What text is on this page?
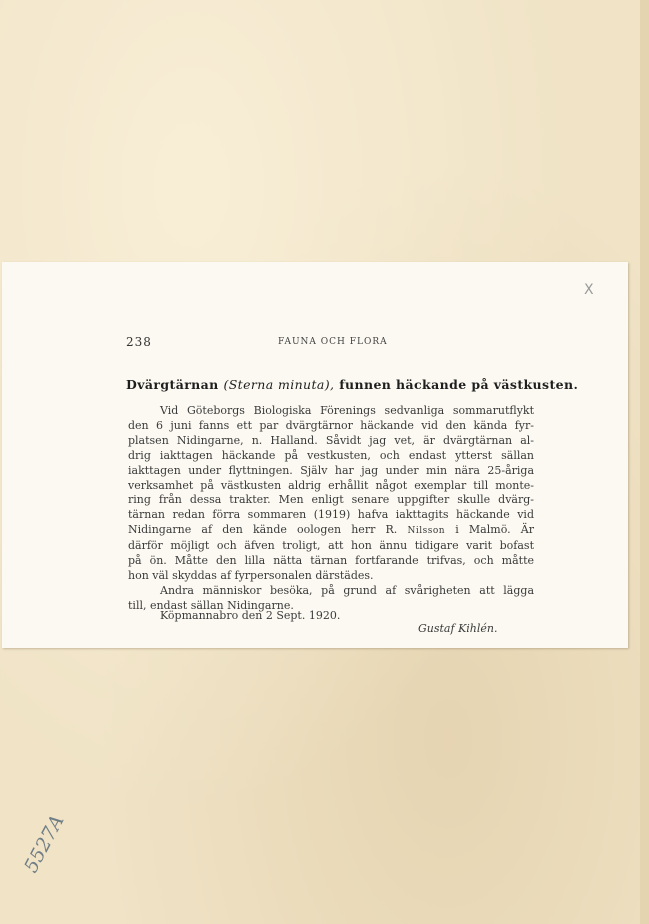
X
238	FAUNA OCH FLORA
Dvärgtärnan (Sterna minuta), funnen häckande på västkusten.
Vid Göteborgs Biologiska Förenings sedvanliga sommarutflykt
den 6 juni fanns ett par dvärgtärnor häckande vid den kända fyr-
platsen Nidingarne, n. Halland. Såvidt jag vet, är dvärgtärnan al-
drig iakttagen häckande på vestkusten, och endast ytterst sällan
iakttagen under flyttningen. Själv har jag under min nära 25-åriga
verksamhet på västkusten aldrig erhållit något exemplar till monte-
ring från dessa trakter. Men enligt senare uppgifter skulle dvärg-
tärnan redan förra sommaren (1919) hafva iakttagits häckande vid
Nidingarne af den kände oologen herr R. Nilsson i Malmö. Är
därför möjligt och äfven troligt, att hon ännu tidigare varit bofast
på ön. Måtte den lilla nätta tärnan fortfarande trifvas, och måtte
hon väl skyddas af fyrpersonalen därstädes.
Andra människor besöka, på grund af svårigheten att lägga
till, endast sällan Nidingarne.
Köpmannabro den 2 Sept. 1920.
Gustaf Kihlén.
5527A
